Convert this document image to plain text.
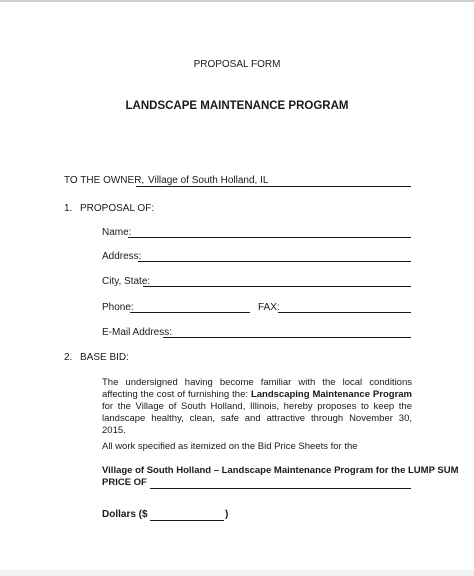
PROPOSAL FORM
LANDSCAPE MAINTENANCE PROGRAM
TO THE OWNER, Village of South Holland, IL
1. PROPOSAL OF:
Name:
Address:
City, State:
Phone:	FAX:
E-Mail Address:
2. BASE BID:
The undersigned having become familiar with the local conditions affecting the cost of furnishing the: Landscaping Maintenance Program for the Village of South Holland, Illinois, hereby proposes to keep the landscape healthy, clean, safe and attractive through November 30, 2015.
All work specified as itemized on the Bid Price Sheets for the
Village of South Holland – Landscape Maintenance Program for the LUMP SUM
PRICE OF
Dollars ($	)
